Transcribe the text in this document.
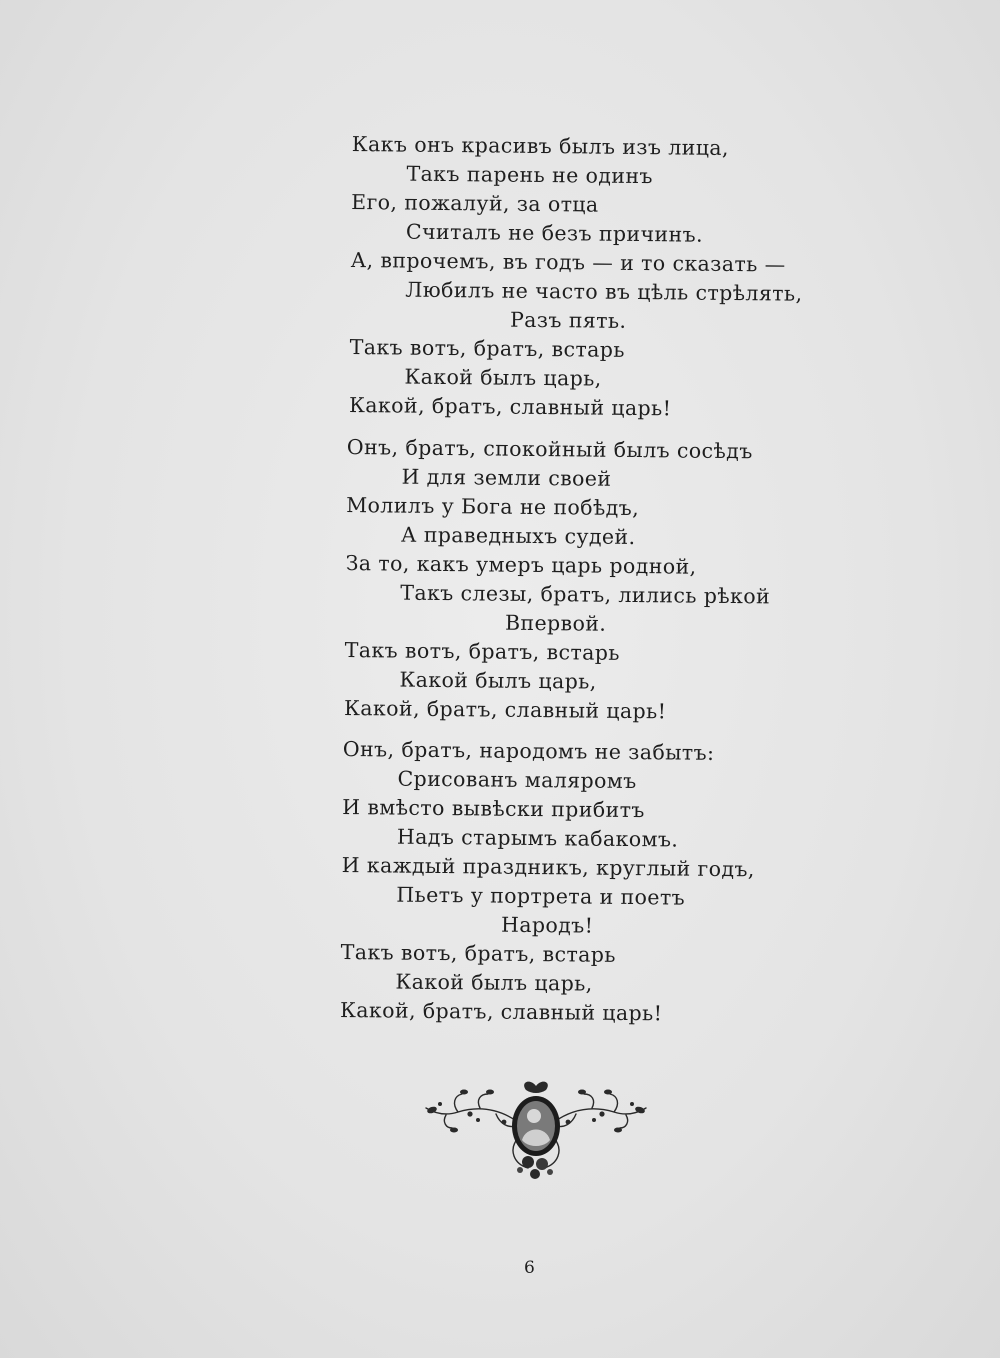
Какъ онъ красивъ былъ изъ лица,
Такъ парень не одинъ
Его, пожалуй, за отца
Считалъ не безъ причинъ.
А, впрочемъ, въ годъ — и то сказать —
Любилъ не часто въ цѣль стрѣлять,
Разъ пять.
Такъ вотъ, братъ, встарь
Какой былъ царь,
Какой, братъ, славный царь!
Онъ, братъ, спокойный былъ сосѣдъ
И для земли своей
Молилъ у Бога не побѣдъ,
А праведныхъ судей.
За то, какъ умеръ царь родной,
Такъ слезы, братъ, лились рѣкой
Впервой.
Такъ вотъ, братъ, встарь
Какой былъ царь,
Какой, братъ, славный царь!
Онъ, братъ, народомъ не забытъ:
Срисованъ маляромъ
И вмѣсто вывѣски прибитъ
Надъ старымъ кабакомъ.
И каждый праздникъ, круглый годъ,
Пьетъ у портрета и поетъ
Народъ!
Такъ вотъ, братъ, встарь
Какой былъ царь,
Какой, братъ, славный царь!
6
